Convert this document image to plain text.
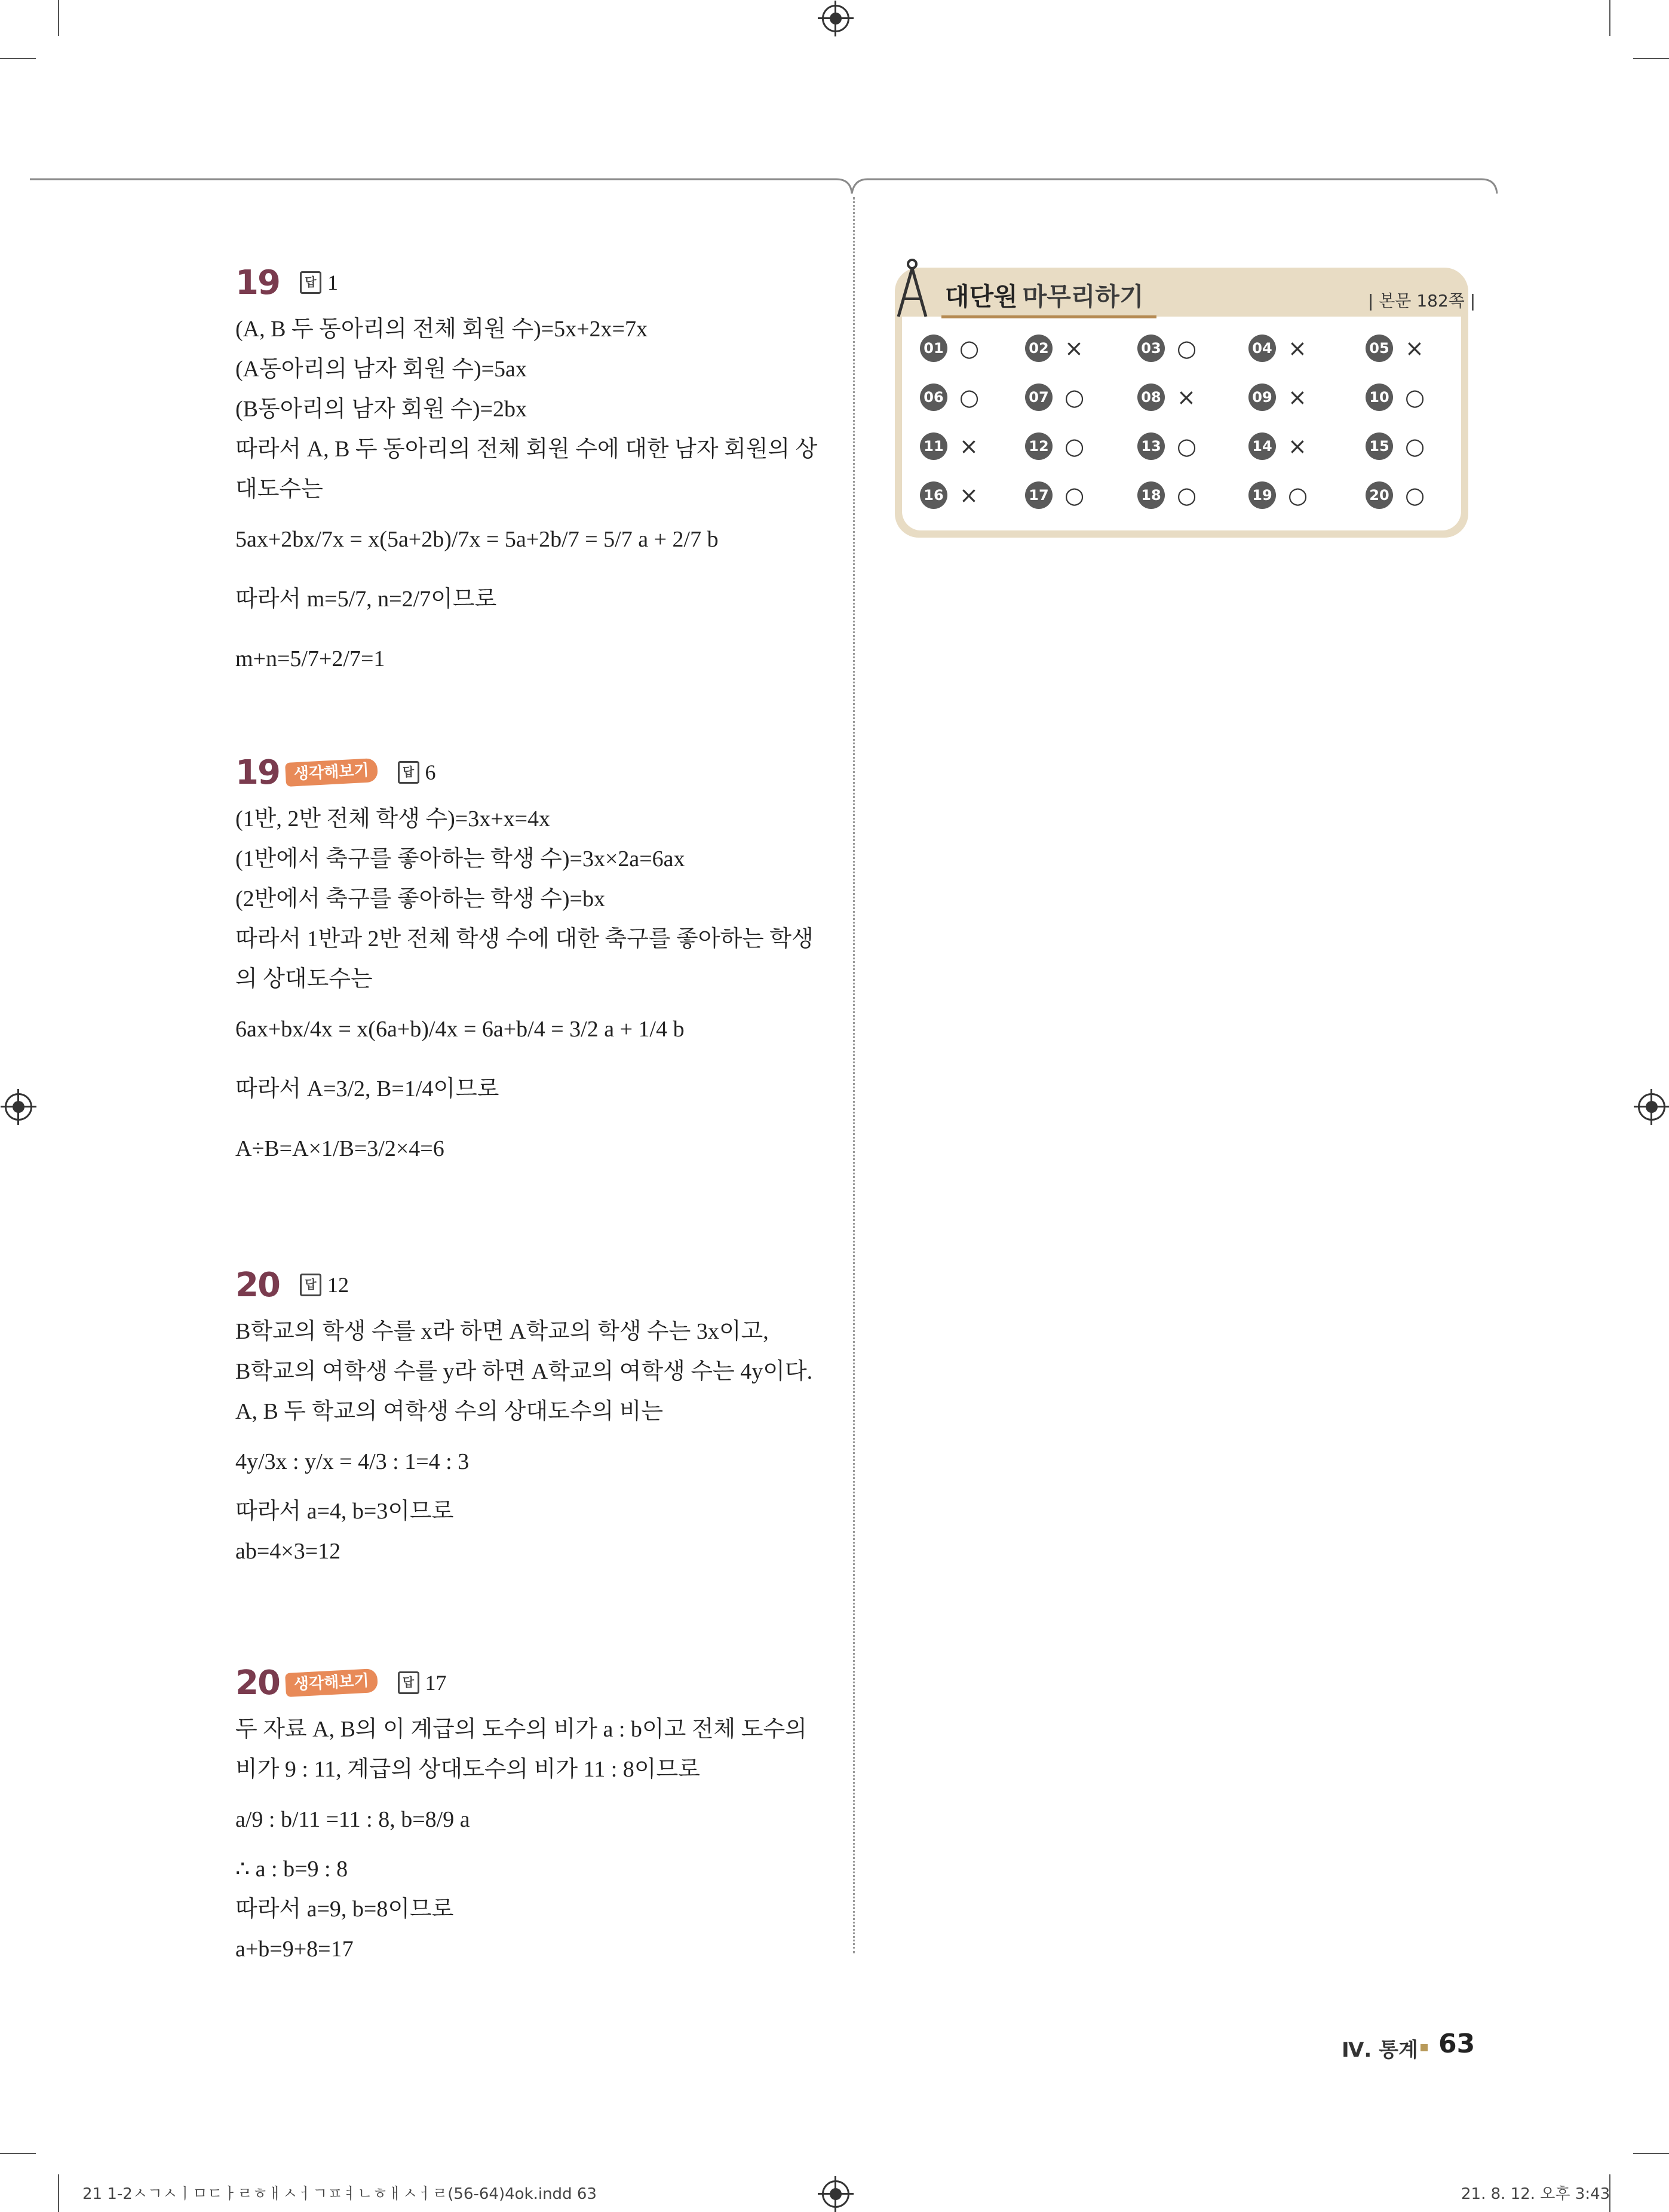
19	답 1
(A, B 두 동아리의 전체 회원 수)=5x+2x=7x
(A동아리의 남자 회원 수)=5ax
(B동아리의 남자 회원 수)=2bx
따라서 A, B 두 동아리의 전체 회원 수에 대한 남자 회원의 상
대도수는
5ax+2bx/7x = x(5a+2b)/7x = 5a+2b/7 = 5/7 a + 2/7 b
따라서 m=5/7, n=2/7이므로
m+n=5/7+2/7=1
19 생각해보기	답 6
(1반, 2반 전체 학생 수)=3x+x=4x
(1반에서 축구를 좋아하는 학생 수)=3x×2a=6ax
(2반에서 축구를 좋아하는 학생 수)=bx
따라서 1반과 2반 전체 학생 수에 대한 축구를 좋아하는 학생
의 상대도수는
6ax+bx/4x = x(6a+b)/4x = 6a+b/4 = 3/2 a + 1/4 b
따라서 A=3/2, B=1/4이므로
A÷B=A×1/B=3/2×4=6
20	답 12
B학교의 학생 수를 x라 하면 A학교의 학생 수는 3x이고,
B학교의 여학생 수를 y라 하면 A학교의 여학생 수는 4y이다.
A, B 두 학교의 여학생 수의 상대도수의 비는
4y/3x : y/x = 4/3 : 1=4 : 3
따라서 a=4, b=3이므로
ab=4×3=12
20 생각해보기	답 17
두 자료 A, B의 이 계급의 도수의 비가 a : b이고 전체 도수의
비가 9 : 11, 계급의 상대도수의 비가 11 : 8이므로
a/9 : b/11 =11 : 8, b=8/9 a
∴ a : b=9 : 8
따라서 a=9, b=8이므로
a+b=9+8=17
대단원 마무리하기	| 본문 182쪽 |
01 ○	02 ×	03 ○	04 ×	05 ×
06 ○	07 ○	08 ×	09 ×	10 ○
11 ×	12 ○	13 ○	14 ×	15 ○
16 ×	17 ○	18 ○	19 ○	20 ○
Ⅳ. 통계 63
21 1-2ㅅㄱㅅㅣㅁㄷㅏㄹㅎㅐㅅㅓㄱㅍㅕㄴㅎㅐㅅㅓㄹ(56-64)4ok.indd 63	21. 8. 12. 오후 3:43
